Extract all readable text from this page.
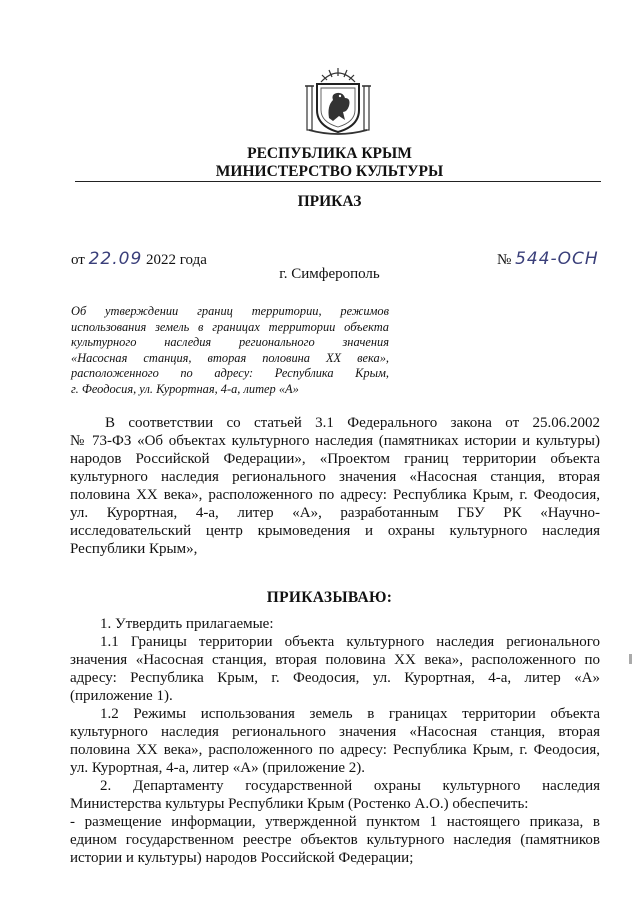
РЕСПУБЛИКА КРЫМ
МИНИСТЕРСТВО КУЛЬТУРЫ
ПРИКАЗ
от 22.09 2022 года	№ 544-ОСН
г. Симферополь
Об утверждении границ территории, режимов
использования земель в границах территории объекта
культурного наследия регионального значения
«Насосная станция, вторая половина XX века»,
расположенного по адресу: Республика Крым,
г. Феодосия, ул. Курортная, 4-а, литер «А»
В соответствии со статьей 3.1 Федерального закона от 25.06.2002
№ 73-ФЗ «Об объектах культурного наследия (памятниках истории и культуры)
народов Российской Федерации», «Проектом границ территории объекта
культурного наследия регионального значения «Насосная станция, вторая
половина XX века», расположенного по адресу: Республика Крым, г. Феодосия,
ул. Курортная, 4-а, литер «А», разработанным ГБУ РК «Научно-
исследовательский центр крымоведения и охраны культурного наследия
Республики Крым»,
ПРИКАЗЫВАЮ:
1. Утвердить прилагаемые:
1.1 Границы территории объекта культурного наследия регионального
значения «Насосная станция, вторая половина XX века», расположенного по
адресу: Республика Крым, г. Феодосия, ул. Курортная, 4-а, литер «А»
(приложение 1).
1.2 Режимы использования земель в границах территории объекта
культурного наследия регионального значения «Насосная станция, вторая
половина XX века», расположенного по адресу: Республика Крым, г. Феодосия,
ул. Курортная, 4-а, литер «А» (приложение 2).
2. Департаменту государственной охраны культурного наследия
Министерства культуры Республики Крым (Ростенко А.О.) обеспечить:
- размещение информации, утвержденной пунктом 1 настоящего приказа, в
едином государственном реестре объектов культурного наследия (памятников
истории и культуры) народов Российской Федерации;
